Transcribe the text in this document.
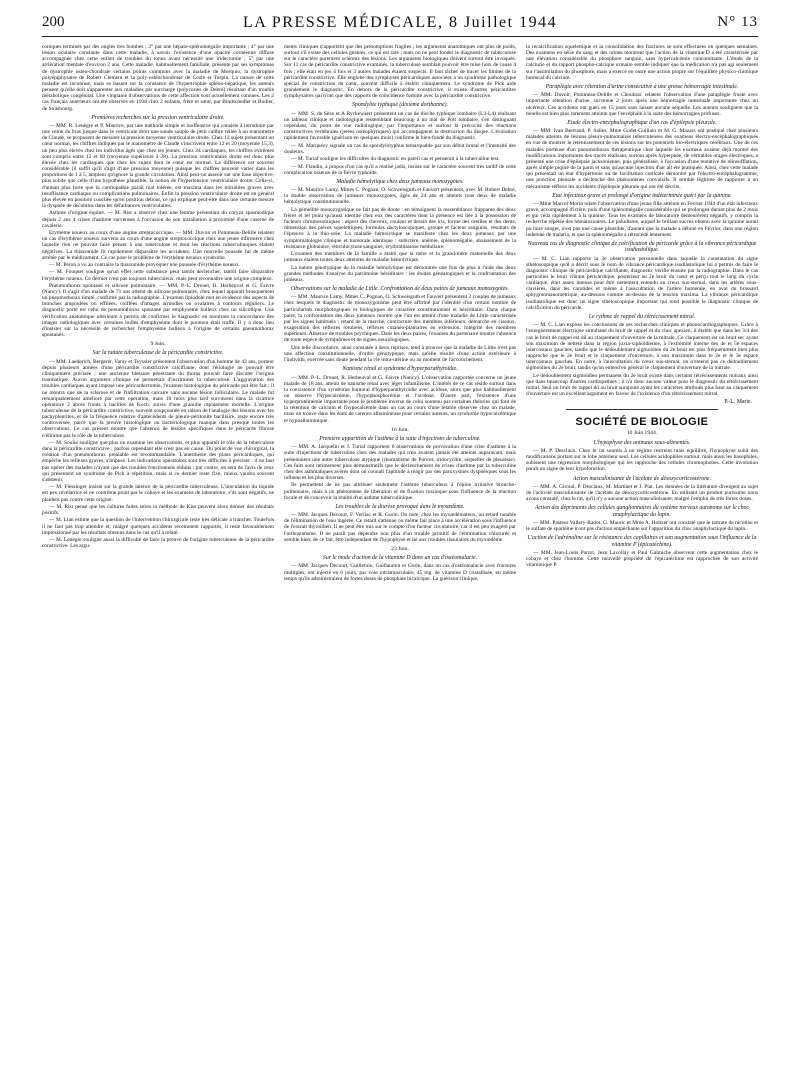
200	LA PRESSE MÉDICALE, 8 Juillet 1944	N° 13

coniques terminés par des ongles très bombés ; 3° par une hépato-splénomégalie importante ; 4° par une lésion oculaire constante dans cette maladie, à savoir l'existence d'une opacité cornéenne diffuse accompagnée chez cette enfant de troubles du tonus avant nécessité une iridectomie ; 5° par une arriération mentale d'environ 2 ans. Cette maladie, habituellement familiale, présente par ses symptômes de dystrophie ostéo-chondrale certains points communs avec la maladie de Morquio, la dystrophie polyépiphysaire de Robert Clément et la poly-ostéochondrose de Coste et Turpin. La nature de cette maladie est inconnue, mais se basant sur la constance de l'hypertrophie spléno-hépatique, les auteurs pensent qu'elle doit s'apparenter aux maladies par surcharge (polycories de Debré) résultant d'un trouble métabolique congénital. Une vingtaine d'observations de cette affection sont actuellement connues. Les 2 cas français antérieurs ont été observés en 1938 chez 2 enfants, frère et sœur, par Bindschedler et Rodier, de Strasbourg.

Premières recherches sur la pression ventriculaire droite.

— MM. R. Lenègre et P. Maurice, par une méthode simple et inoffensive qui consiste à introduire par une veine du bras jusque dans le ventricule droit une sonde souple de petit calibre reliée à un manomètre de Claude, se proposent de mesurer la pression moyenne ventriculaire droite. Chez 12 sujets présentant un cœur normal, les chiffres indiqués par le manomètre de Claude s'inscrivent entre 12 et 20 (moyenne 15,3), un peu plus élevés chez les individus âgés que chez les jeunes. Chez 34 cardiaques, les chiffres extrêmes sont compris entre 12 et 60 (moyenne supérieure à 28). La pression ventriculaire droite est donc plus élevée chez les cardiaques que chez les sujets dont le cœur est normal. La différence est souvent considérable (il suffit qu'il s'agit d'une pression moyenne) puisque les chiffres peuvent varier dans les proportions de 1 à 5, ampleur qu'ignore la grande circulation. Ainsi peut-on asseoir sur une base objective, plus solide que celle d'une hypothèse plausible, la notion de l'hypertension ventriculaire droite. Celle-ci, d'autant plus forte que la cardiopathie paraît mal tolérée, est maxima dans les mitralites graves avec insuffisance cardiaque ou complications pulmonaires. Enfin la pression ventriculaire droite est en général plus élevée en position couchée qu'en position debout, ce qui explique peut-être dans une certaine mesure la dyspnée de décubitus dans les défaillances ventriculaires.

Asthme d'origine équine. — M. Rist a observé chez une femme présentant du coryza spasmodique depuis 2 ans 4 crises d'asthme survenues à l'occasion de son installation à proximité d'une caserne de cavalerie.

Erythème noueux au cours d'une angine streptococcique. — MM. Duvoir et Pommeau-Delille relatent un cas d'érythème noueux survenu au cours d'une angine streptococcique chez une jeune infirmière chez laquelle rien ne pouvait faire penser à une tuberculose et dont les réactions tuberculiniques étaient négatives. La thiazomide fit rapidement disparaître les accidents. Une nouvelle poussée fut de même arrêtée par le médicament. Ce cas pose le problème de l'érythème noueux syndrome.

— M. Péron a vu au contraire la thiazomide provoquer une poussée d'érythème noueux.

— M. Fouquet souligne qu'un effet cette substance peut tantôt déclencher, tantôt faire disparaître l'érythème noueux. Ce dernier n'est pas toujours tuberculeux, mais peut reconnaître une origine complexe.

Pneumothorax spontané et silicose pulmonaire. — MM. P.-L. Drouet, R. Herbeuval et G. Faivre (Nancy). Il s'agit d'un malade de 71 ans atteint de silicose pulmonaire, chez lequel apparaît brusquement un pneumothorax limité, confirmé par la radiographie. L'examen lipiodolé met en évidence des aspects de bronches ampoulées ou effilées, coiffées d'images arrondies ou ovalaires à contours réguliers. Le diagnostic porté est celui de pneumothorax spontané par emphysème bulleux chez un silicotique. Une vérification anatomique ultérieure a permis de confirmer le diagnostic en montrant la concordance des images radiologiques avec certaines bulles d'emphysème dont le poumon était truffé. Il y a donc lieu d'insister sur la nécessité de rechercher l'emphysème bulleux à l'origine de certains pneumothorax spontanés.

9 Juin.
Sur la nature tuberculeuse de la péricardite constrictive.

— MM. Laederich, Bergeret, Varay et Teyssier présentent l'observation d'un homme de 43 ans, porteur depuis plusieurs années d'une péricardite constrictive calcifiante, dont l'étiologie ne pouvait être cliniquement précisée ; une ancienne blessure pénétrante du thorax pouvait faire discuter l'origine traumatique. Aucun argument clinique ne permettait d'incriminer la tuberculose. L'aggravation des troubles cardiaques ayant imposé une péricardectomie, l'examen histologique du péricarde put être fait ; il ne montra que de la sclérose et de l'infiltration calcaire sans aucune lésion folliculaire. Le malade fut remarquablement amélioré par cette opération, mais 18 mois plus tard survinrent dans la cicatrice opératoire 2 abcès froids à bacilles de Koch, suivis d'une granulie rapidement mortelle. L'origine tuberculeuse de la péricardite constrictive, souvent soupçonnée en raison de l'analogie des lésions avec les pachypleurites, et de la fréquence relative d'antécédents de pleuro-péritonite bacillaire, reste encore très controversée, parce que la preuve histologique ou bactériologique manque dans presque toutes les observations. Le cas présent montre que l'absence de lésions spécifiques dans le péricarde fibrosé n'élimine pas le rôle de la tuberculose.

— M. Soulié souligne que plus on examine les observations, et plus apparaît le rôle de la tuberculose dans la péricardite constrictive ; parfois cependant elle n'est pas en cause. Du point de vue chirurgical, la création d'un pneumothorax préalable est recommandable. L'anesthésie des plans péricardiques, qui empêche les réflexes graves, s'impose. Les indications opératoires sont très difficiles à préciser : il ne faut pas opérer des malades n'ayant que des troubles fonctionnels réduits ; par contre, on sera de l'avis de ceux qui présentent un syndrome de Pick à répétition, mais si ce dernier reste fixe, mieux vaudra souvent s'abstenir.

— M. Flessinger insiste sur la grande latence de la péricardite tuberculeuse. L'inoculation du liquide est peu révélatrice et ne contribue point par le cobaye et les examens de laboratoire, s'ils sont négatifs, ne plaident pas contre cette origine.

— M. Rist pense que les cultures faites selon la méthode de Kiss peuvent alors donner des résultats positifs.

— M. Lian estime que la question de l'intervention chirurgicale reste très délicate à trancher. Toutefois il ne faut pas trop attendre et, malgré quelques accidents récemment rapportés, il reste favorablement impressionné par les résultats obtenus dans le cas qu'il a relaté.

— M. Lenègre souligne aussi la difficulté de faire la preuve de l'origine tuberculeuse de la péricardite constrictive. Les argu-

ments cliniques n'apportent que des présomptions fragiles ; les arguments anatomiques ont plus de poids, surtout s'il existe des cellules géantes, ce qui est rare ; mais on ne peut fonder le diagnostic de tuberculose sur le caractère purement scléreux des lésions. Les arguments biologiques doivent surtout être invoqués. Sur 11 cas de péricardite constrictive examinés, la tuberculose semblait pouvoir être mise hors de cause 4 fois ; elle était en jeu 4 fois et 3 autres malades étaient suspects. Il faut tâcher de tracer les limites de la péricardite constrictive. Elle englobe des symphyses péricardiques associées à un syndrome pathologique spécial de constriction du cœur, souvent difficile à établir cliniquement. Le syndrome de Pick aide grandement le diagnostic. En dehors de la péricardite constrictive, il existe d'autres péricardites symphysaires qui n'ont que des rapports de coïncidence fortuite avec la péricardite constrictive.

Spondylite typhique (dixième dorthanne).

— MM. S. de Sèze et A Ryckewaert présentent un cas de discite typhique lombaire (L3-L4) réalisant un tableau clinique et radiologique ressemblant beaucoup à un mal de Pott lombaire, s'en distinguant cependant, du point de vue radiologique, par l'importance et surtout la précocité des réactions constructives vertébrales (jetées ostéophytiques) qui accompagnent la destruction du disque. L'évolution rapidement favorable (guérison en quelques mois) confirme le bien-fondé du diagnostic.

— M. Marquézy signale un cas de spondylotyphus remarquable par son début brutal et l'intensité des douleurs.

— M. Turiaf souligne les difficultés du diagnostic en pareil cas et penserait à la tuberculine test.

— M. Flandin, à propos d'un cas qu'il a réalisé jadis, insiste sur le caractère souvent très tardif de cette complication osseuse de la fièvre typhoïde.

Maladie hémolytique chez deux jumeaux monozygotes.

— M. Maurice Lamy, Mmes C. Pognan, O. Schweisguth et Fauvert présentent, avec M. Robert Debré, la double observation de jumeaux monozygotes, âgés de 24 ans et atteints tous deux de maladie hémolytique constitutionnelle.

La gémellité monozygotique ne fait pas de doute : en témoignent la ressemblance frappante des deux frères et tel point qu'aussi identité chez eux des caractères dont la présence est liée à la possession de facteurs chromosomiques : aspect des cheveux, couleur et dessin des iris, forme des oreilles et des dents, dimension des pièces squelettiques, formules dactyloscopiques, groupe et facteur sanguins, résultats de l'épreuve à la thio-urée. La maladie hémolytique se manifeste chez les deux jumeaux par une symptomatologie clinique et humorale identique : subictère, anémie, splénomégalie, abaissement de la résistance globulaire, réticulocytose sanguine, érythroblastose médullaire.

L'examen des membres de la famille a établi que la mère et la grand-mère maternelle des deux jumeaux étaient toutes deux atteintes de maladie hémolytique.

La nature génotypique de la maladie hémolytique est démontrée une fois de plus à l'aide des deux grandes méthodes d'analyse du patrimoine héréditaire : les études généalogiques et la confrontation des jumeaux.

Observations sur la maladie de Little. Confrontation de deux paires de jumeaux monozygotes.

— MM. Maurice Lamy, Mmes C. Pognan, O. Schweisguth et Fauvert présentent 2 couples de jumeaux chez lesquels le diagnostic de monozygotisme peut être affirmé par l'identité d'un certain nombre de particularités morphologiques et biologiques de caractère constitutionnel et héréditaire. Dans chaque paire, la confrontation des deux jumeaux montre que l'un est atteint d'une maladie de Little caractérisée par les signes habituels : retard de la marche, contracture des membres inférieurs, démarche en ciseaux, exagération des réflexes rotuliens, réflexes cutanéo-plantaires en extension. Intégrité des membres supérieurs. Absence de troubles psychiques. Dans les deux paires, l'examen du partenaire montre l'absence de toute espèce de symptômes et de signes neurologiques.

Une telle discordance, ainsi constatée à deux reprises, tend à prouver que la maladie de Little n'est pas une affection constitutionnelle, d'ordre génotypique, mais qu'elle résulte d'une action extérieure à l'individu, exercée sans doute pendant la vie intra-utérine ou au moment de l'accouchement.

Nanisme rénal et syndrome d'hyperparathyroïdie.

— MM. P.-L. Drouet, R. Herbeuval et G. Faivre (Nancy). L'observation rapportée concerne un jeune malade de 18 ans, atteint de nanisme rénal avec léger infantilisme. L'intérêt de ce cas réside surtout dans la coexistence d'un syndrome humoral d'hyperparathyroïdie avec acidose, alors que plus habituellement on observe l'hypocalcémie, l'hypophosphorémie et l'acidose. D'autre part, l'existence d'une hyperprotéinémie importante pose le problème inverse de celui soutenu par certaines théories qui font de la rétention de calcium et l'hypocalcémie dans un cas au cours d'une tétanie observée chez un malade, mais on trouve dans les états de carence albumineuse pour certains auteurs, un syndrome hypocalcémique et hypoalbuminique.

16 Juin.
Première apparition de l'asthme à la suite d'injections de tuberculine.

— MM. A. Jacquelin et J. Turiaf rapportent 6 observations de provocation d'une crise d'asthme à la suite d'injections de tuberculine chez des malades qui n'en avaient jamais été atteints auparavant, mais présentaient une autre tuberculose atypique (rhumatisme de Poncet, iridocyclite, séquelles de pleurésie). Ces faits sont intimement plus démonstratifs que le déclenchement de crises d'asthme par la tuberculine chez des asthmatiques avérés dont on connaît l'aptitude à réagir par des paroxysmes dyspnéiques sous les influences les plus diverses.

Ils permettent de ne pas attribuer seulement l'asthme tuberculeux à l'épine irritative broncho-pulmonaire, mais à un phénomène de libération et de fixation toxinique sous l'influence de la réaction focale et de concevoir la réalité d'un asthme tuberculinique.

Les troubles de la diurèse provoqué dans le myxœdème.

— MM. Jacques Decourt, F. Verliac et R. Gorin. On note, chez les myxœdémateux, un retard notable de l'élimination de l'eau ingérée. Ce retard s'atténue ou même fait place à une accélération sous l'influence de l'extrait thyroïdien. Il ne peut être mis sur le compte d'un facteur circulatoire, car il est peu exagéré par l'orthostatisme. Il ne paraît pas dépendre non plus d'un trouble primitif de l'élimination chlorurée et semble bien, de ce fait, être indépendant de l'hypophyse et lié aux troubles tissulaires du myxœdème.

23 Juin.
Sur le mode d'action de la vitamine D dans un cas d'ostéomalacie.

— MM. Jacques Decourt, Guillemin, Guillaumin et Gorin, dans un cas d'ostéomalacie avec fractures multiples, ont injecté en 6 jours, par voie intramusculaire, 45 mg. de vitamine D cristallisée, en même temps qu'ils administraient de fortes doses de phosphate bicalcique. La guérison clinique,

la recalcification squelettique et la consolidation des fractures se sont effectuées en quelques semaines. Des examens en série du sang et des urines montrent que l'action de la vitamine D a été caractérisée par une élévation considérable du phosphore sanguin, sans hypercalcémie concomitante. L'étude de la calciurie et du rapport phospho-calcique urinaire semble indiquer que la médication n'a pas agi seulement sur l'assimilation du phosphore, mais a exercé en outre une action propre sur l'équilibre physico-chimique humoral du calcium.

Paraplégie avec rétention d'urine consécutive à une grosse hémorragie intestinale.

— MM. Duvoir, Pommeau-Delille et Choubrac relatent l'observation d'une paraplégie fruste avec importante rétention d'urine, survenue 2 jours après une hémorragie intestinale importante chez un ulcéreux. Ces accidents ont guéri en 15 jours sans laisser aucune séquelle. Les auteurs soulignent que la moelle est bien plus rarement atteinte que l'encéphale à la suite des hémorragies profuses.

Etude électro-encéphalographique d'un cas d'épilepsie pleurale.

— MM. Ivan Bertrand, P. Salles, Mme Godet-Guillain et M. G. Mazars ont pratiqué chez plusieurs malades atteints de lésions pleuro-pulmonaires tuberculeuses des examens électro-encéphalographiques en vue de montrer le retentissement de ces lésions sur les potentiels bio-électriques cérébraux. Une de ces malades porteuse d'un pneumothorax thérapeutique chez laquelle les examens avaient déjà montré des modifications importantes des tracés réalisant, surtout après hyperpnée, de véritables orages électriques, a présenté une crise d'épilepsie jacksonienne, puis généralisée, à l'occasion d'une tentative de réinsufflation, après simple piqûre de la paroi et sans qu'aucune injection d'air ait été pratiquée. Ainsi, chez cette malade qui présentait un état d'hypertonie ou de facilitation corticale démontré par l'électro-encéphalogramme, une ponction pleurale a déclenché des phénomènes convulsifs. Il semble légitime de rapporter à un mécanisme réflexe les accidents d'épilepsie pleurale qui ont été décrits.

Etat infectieux grave et prolongé d'origine indéterminée guéri par la quinine.

— Mme Marcel Morin relate l'observation d'une jeune fille atteinte en Février 1944 d'un état infectieux grave, accompagné d'ictère, puis d'une splénomégalie considérable qui se prolongea durant plus de 2 mois et qui céda rapidement à la quinine. Tous les examens de laboratoire demeurèrent négatifs, y compris la recherche répétée des hématozoaires. Le paludisme, auquel le brillant succès obtenu avec la quinine aurait pu faire songer, n'est pas une cause plausible, d'autant que la malade a débuté en Février, dans une région indemne de malaria, et que la splénomégalie a rétrocédé lentement.

Nouveau cas de diagnostic clinique de calcification du péricarde grâce à la vibrance péricardique isodiastolique.

— M. C. Lian rapporte la 3e observation personnelle dans laquelle la constatation du signe sthétoscopique qu'il a décrit sous le nom de vibrance péricardique isodiastolique lui a permis de faire le diagnostic clinique de péricardique calcifiante, diagnostic vérifié ensuite par la radiographie. Dans le cas particulier le bruit vibrant péricardique, postérieur au 2e bruit du cœur et perçu tout le long du cycle cardiaque, était assez intense pour être nettement entendu au creux sus-sternal, dans les artères sous-clavières, dans les carotides et même à l'auscultation de l'artère humérale, en aval du brassard sphygmomanométrique, au-dessous comme au-dessus de la tension maxima. La vibrance péricardique isodiastolique est donc un signe sthétoscopique important qui rend possible le diagnostic clinique de calcification du péricarde.

Le rythme de rappel du rétrécissement mitral.

— M. C. Lian expose les conclusions de ses recherches cliniques et phonocardiographiques. Grâce à l'enregistrement électrique simultané du bruit de rappel et du choc apexien, il établit que dans les 3/4 des cas le bruit de rappel est dû au claquement d'ouverture de la mitrale. Ce claquement est un bruit sec ayant son maximum de netteté dans la région juxta-xiphoïdienne, à l'extrémité interne des 4e et 5e espaces intercostaux gauches, tandis que le dédoublement sigmoïdien du 2e bruit est plus fréquemment bien plus rapproché que le 2e bruit et le claquement d'ouverture, à son maximum dans le 2e et le 3e espace intercostaux gauches. En outre, à l'auscultation du creux sus-sternal, on n'entend pas ce dédoublement sigmoïdien du 2e bruit, tandis qu'on entend en général le claquement d'ouverture de la mitrale.

Le dédoublement sigmoïdien permanent du 2e bruit existe dans certains rétrécissements mitraux ainsi que dans beaucoup d'autres cardiopathies ; il n'a donc aucune valeur pour le diagnostic du rétrécissement mitral. Seul un bruit de rappel dû au bruit surajouté ayant les caractères attribués plus haut au claquement d'ouverture est un excellent argument en faveur de l'existence d'un rétrécissement mitral.

P.-L. Marie.
SOCIÉTÉ DE BIOLOGIE
10 Juin 1944.
L'hypophyse des animaux sous-alimentés.

— M. P. Desclaux. Chez le rat soumis à un régime restreint mais équilibré, l'hypophyse subit des modifications portant sur le lobe antérieur seul. Les cellules acidophiles surtout, mais aussi les basophiles, subissent une régression morphologique qui les rapproche des cellules chromophobes. Cette involution paraît un signe de leur hypofonction.

Action masculinisante de l'acétate de désoxycorticostérone.

— MM. A. Giroud, P. Desclaux, M. Martinet et J. Piat. Les données de la littérature divergent au sujet de l'activité masculinisante de l'acétate de désoxycorticostérone. En utilisant un produit purissime nous avons constaté, chez le rat, qu'il n'y a aucune action masculinisante, malgré l'emploi de très fortes doses.

Action des déprimants des cellules ganglionnaires du système nerveux autonome sur le choc anaphylactique du lapin.

— MM. Pasteur Vallery-Radot, G. Mauric et Mme A. Holtzer ont constaté que le tartrate de nicotine et le sulfate de spartéine n'ont pas d'action empêchante sur l'apparition du choc anaphylactique du lapin.

L'action de l'adrénaline sur la résistance des capillaires et son augmentation sous l'influence de la vitamine P (épicatéchine).

— MM. Jean-Louis Parrot, Jean Lavollay et Paul Galmiche observent cette augmentation chez le cobaye et chez l'homme. Cette nouvelle propriété de l'épicatéchine est rapprochée de son activité vitaminique P.
